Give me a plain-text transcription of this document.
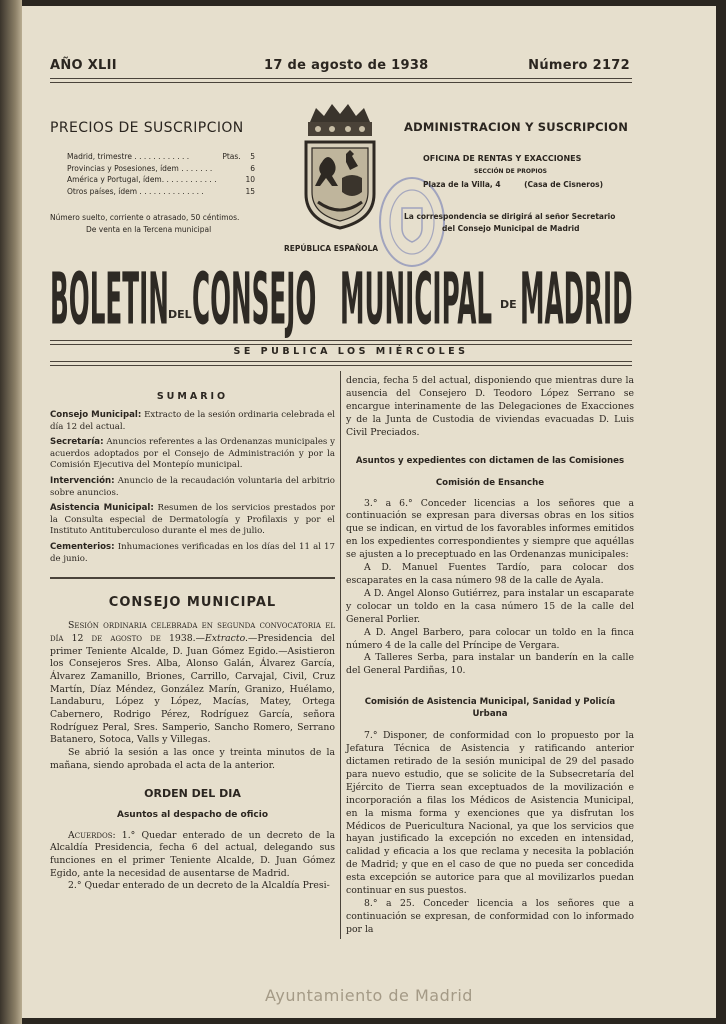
AÑO XLII	17 de agosto de 1938	Número 2172
PRECIOS DE SUSCRIPCION
Madrid, trimestre . . . . . . . . . . . .	Ptas. 5
Provincias y Posesiones, ídem . . . . . . .	6
América y Portugal, ídem. . . . . . . . . . . .	10
Otros países, ídem . . . . . . . . . . . . . .	15
Número suelto, corriente o atrasado, 50 céntimos.
De venta en la Tercena municipal
REPÚBLICA ESPAÑOLA
ADMINISTRACION Y SUSCRIPCION
OFICINA DE RENTAS Y EXACCIONES
SECCIÓN DE PROPIOS
Plaza de la Villa, 4         (Casa de Cisneros)
La correspondencia se dirigirá al señor Secretario
del Consejo Municipal de Madrid
BOLETIN DEL CONSEJO MUNICIPAL DE MADRID
SE PUBLICA LOS MIÉRCOLES
SUMARIO

Consejo Municipal: Extracto de la sesión ordinaria celebrada el día 12 del actual.

Secretaría: Anuncios referentes a las Ordenanzas municipales y acuerdos adoptados por el Consejo de Administración y por la Comisión Ejecutiva del Montepío municipal.

Intervención: Anuncio de la recaudación voluntaria del arbitrio sobre anuncios.

Asistencia Municipal: Resumen de los servicios prestados por la Consulta especial de Dermatología y Profilaxis y por el Instituto Antituberculoso durante el mes de julio.

Cementerios: Inhumaciones verificadas en los días del 11 al 17 de junio.

CONSEJO MUNICIPAL

Sesión ordinaria celebrada en segunda convocatoria el día 12 de agosto de 1938.—Extracto.—Presidencia del primer Teniente Alcalde, D. Juan Gómez Egido.—Asistieron los Consejeros Sres. Alba, Alonso Galán, Álvarez García, Álvarez Zamanillo, Briones, Carrillo, Carvajal, Civil, Cruz Martín, Díaz Méndez, González Marín, Granizo, Huélamo, Landaburu, López y López, Macías, Matey, Ortega Cabernero, Rodrigo Pérez, Rodríguez García, señora Rodríguez Peral, Sres. Samperio, Sancho Romero, Serrano Batanero, Sotoca, Valls y Villegas.

Se abrió la sesión a las once y treinta minutos de la mañana, siendo aprobada el acta de la anterior.

ORDEN DEL DIA
Asuntos al despacho de oficio

Acuerdos: 1.° Quedar enterado de un decreto de la Alcaldía Presidencia, fecha 6 del actual, delegando sus funciones en el primer Teniente Alcalde, D. Juan Gómez Egido, ante la necesidad de ausentarse de Madrid.

2.° Quedar enterado de un decreto de la Alcaldía Presi-

dencia, fecha 5 del actual, disponiendo que mientras dure la ausencia del Consejero D. Teodoro López Serrano se encargue interinamente de las Delegaciones de Exacciones y de la Junta de Custodia de viviendas evacuadas D. Luis Civil Preciados.
Asuntos y expedientes con dictamen de las Comisiones
Comisión de Ensanche

3.° a 6.° Conceder licencias a los señores que a continuación se expresan para diversas obras en los sitios que se indican, en virtud de los favorables informes emitidos en los expedientes correspondientes y siempre que aquéllas se ajusten a lo preceptuado en las Ordenanzas municipales:

A D. Manuel Fuentes Tardío, para colocar dos escaparates en la casa número 98 de la calle de Ayala.

A D. Angel Alonso Gutiérrez, para instalar un escaparate y colocar un toldo en la casa número 15 de la calle del General Porlier.

A D. Angel Barbero, para colocar un toldo en la finca número 4 de la calle del Príncipe de Vergara.

A Talleres Serba, para instalar un banderín en la calle del General Pardiñas, 10.

Comisión de Asistencia Municipal, Sanidad y Policía Urbana

7.° Disponer, de conformidad con lo propuesto por la Jefatura Técnica de Asistencia y ratificando anterior dictamen retirado de la sesión municipal de 29 del pasado para nuevo estudio, que se solicite de la Subsecretaría del Ejército de Tierra sean exceptuados de la movilización e incorporación a filas los Médicos de Asistencia Municipal, en la misma forma y exenciones que ya disfrutan los Médicos de Puericultura Nacional, ya que los servicios que hayan justificado la excepción no exceden en intensidad, calidad y eficacia a los que reclama y necesita la población de Madrid; y que en el caso de que no pueda ser concedida esta excepción se autorice para que al movilizarlos puedan continuar en sus puestos.

8.° a 25. Conceder licencia a los señores que a continuación se expresan, de conformidad con lo informado por la

Ayuntamiento de Madrid
